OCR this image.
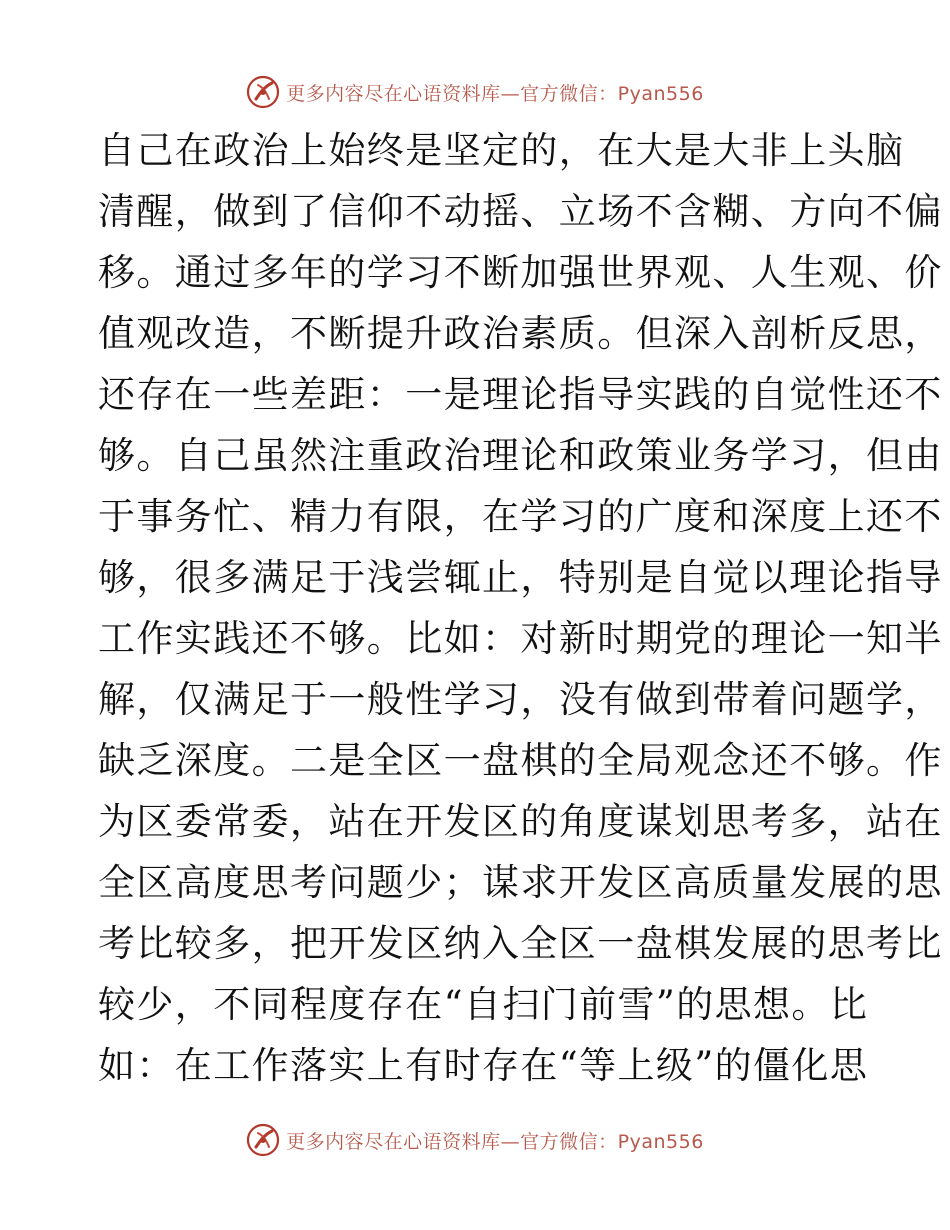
更多内容尽在心语资料库—官方微信：Pyan556
自己在政治上始终是坚定的，在大是大非上头脑
清醒，做到了信仰不动摇、立场不含糊、方向不偏
移。通过多年的学习不断加强世界观、人生观、价
值观改造，不断提升政治素质。但深入剖析反思，
还存在一些差距：一是理论指导实践的自觉性还不
够。自己虽然注重政治理论和政策业务学习，但由
于事务忙、精力有限，在学习的广度和深度上还不
够，很多满足于浅尝辄止，特别是自觉以理论指导
工作实践还不够。比如：对新时期党的理论一知半
解，仅满足于一般性学习，没有做到带着问题学，
缺乏深度。二是全区一盘棋的全局观念还不够。作
为区委常委，站在开发区的角度谋划思考多，站在
全区高度思考问题少；谋求开发区高质量发展的思
考比较多，把开发区纳入全区一盘棋发展的思考比
较少，不同程度存在“自扫门前雪”的思想。比
如：在工作落实上有时存在“等上级”的僵化思
更多内容尽在心语资料库—官方微信：Pyan556
